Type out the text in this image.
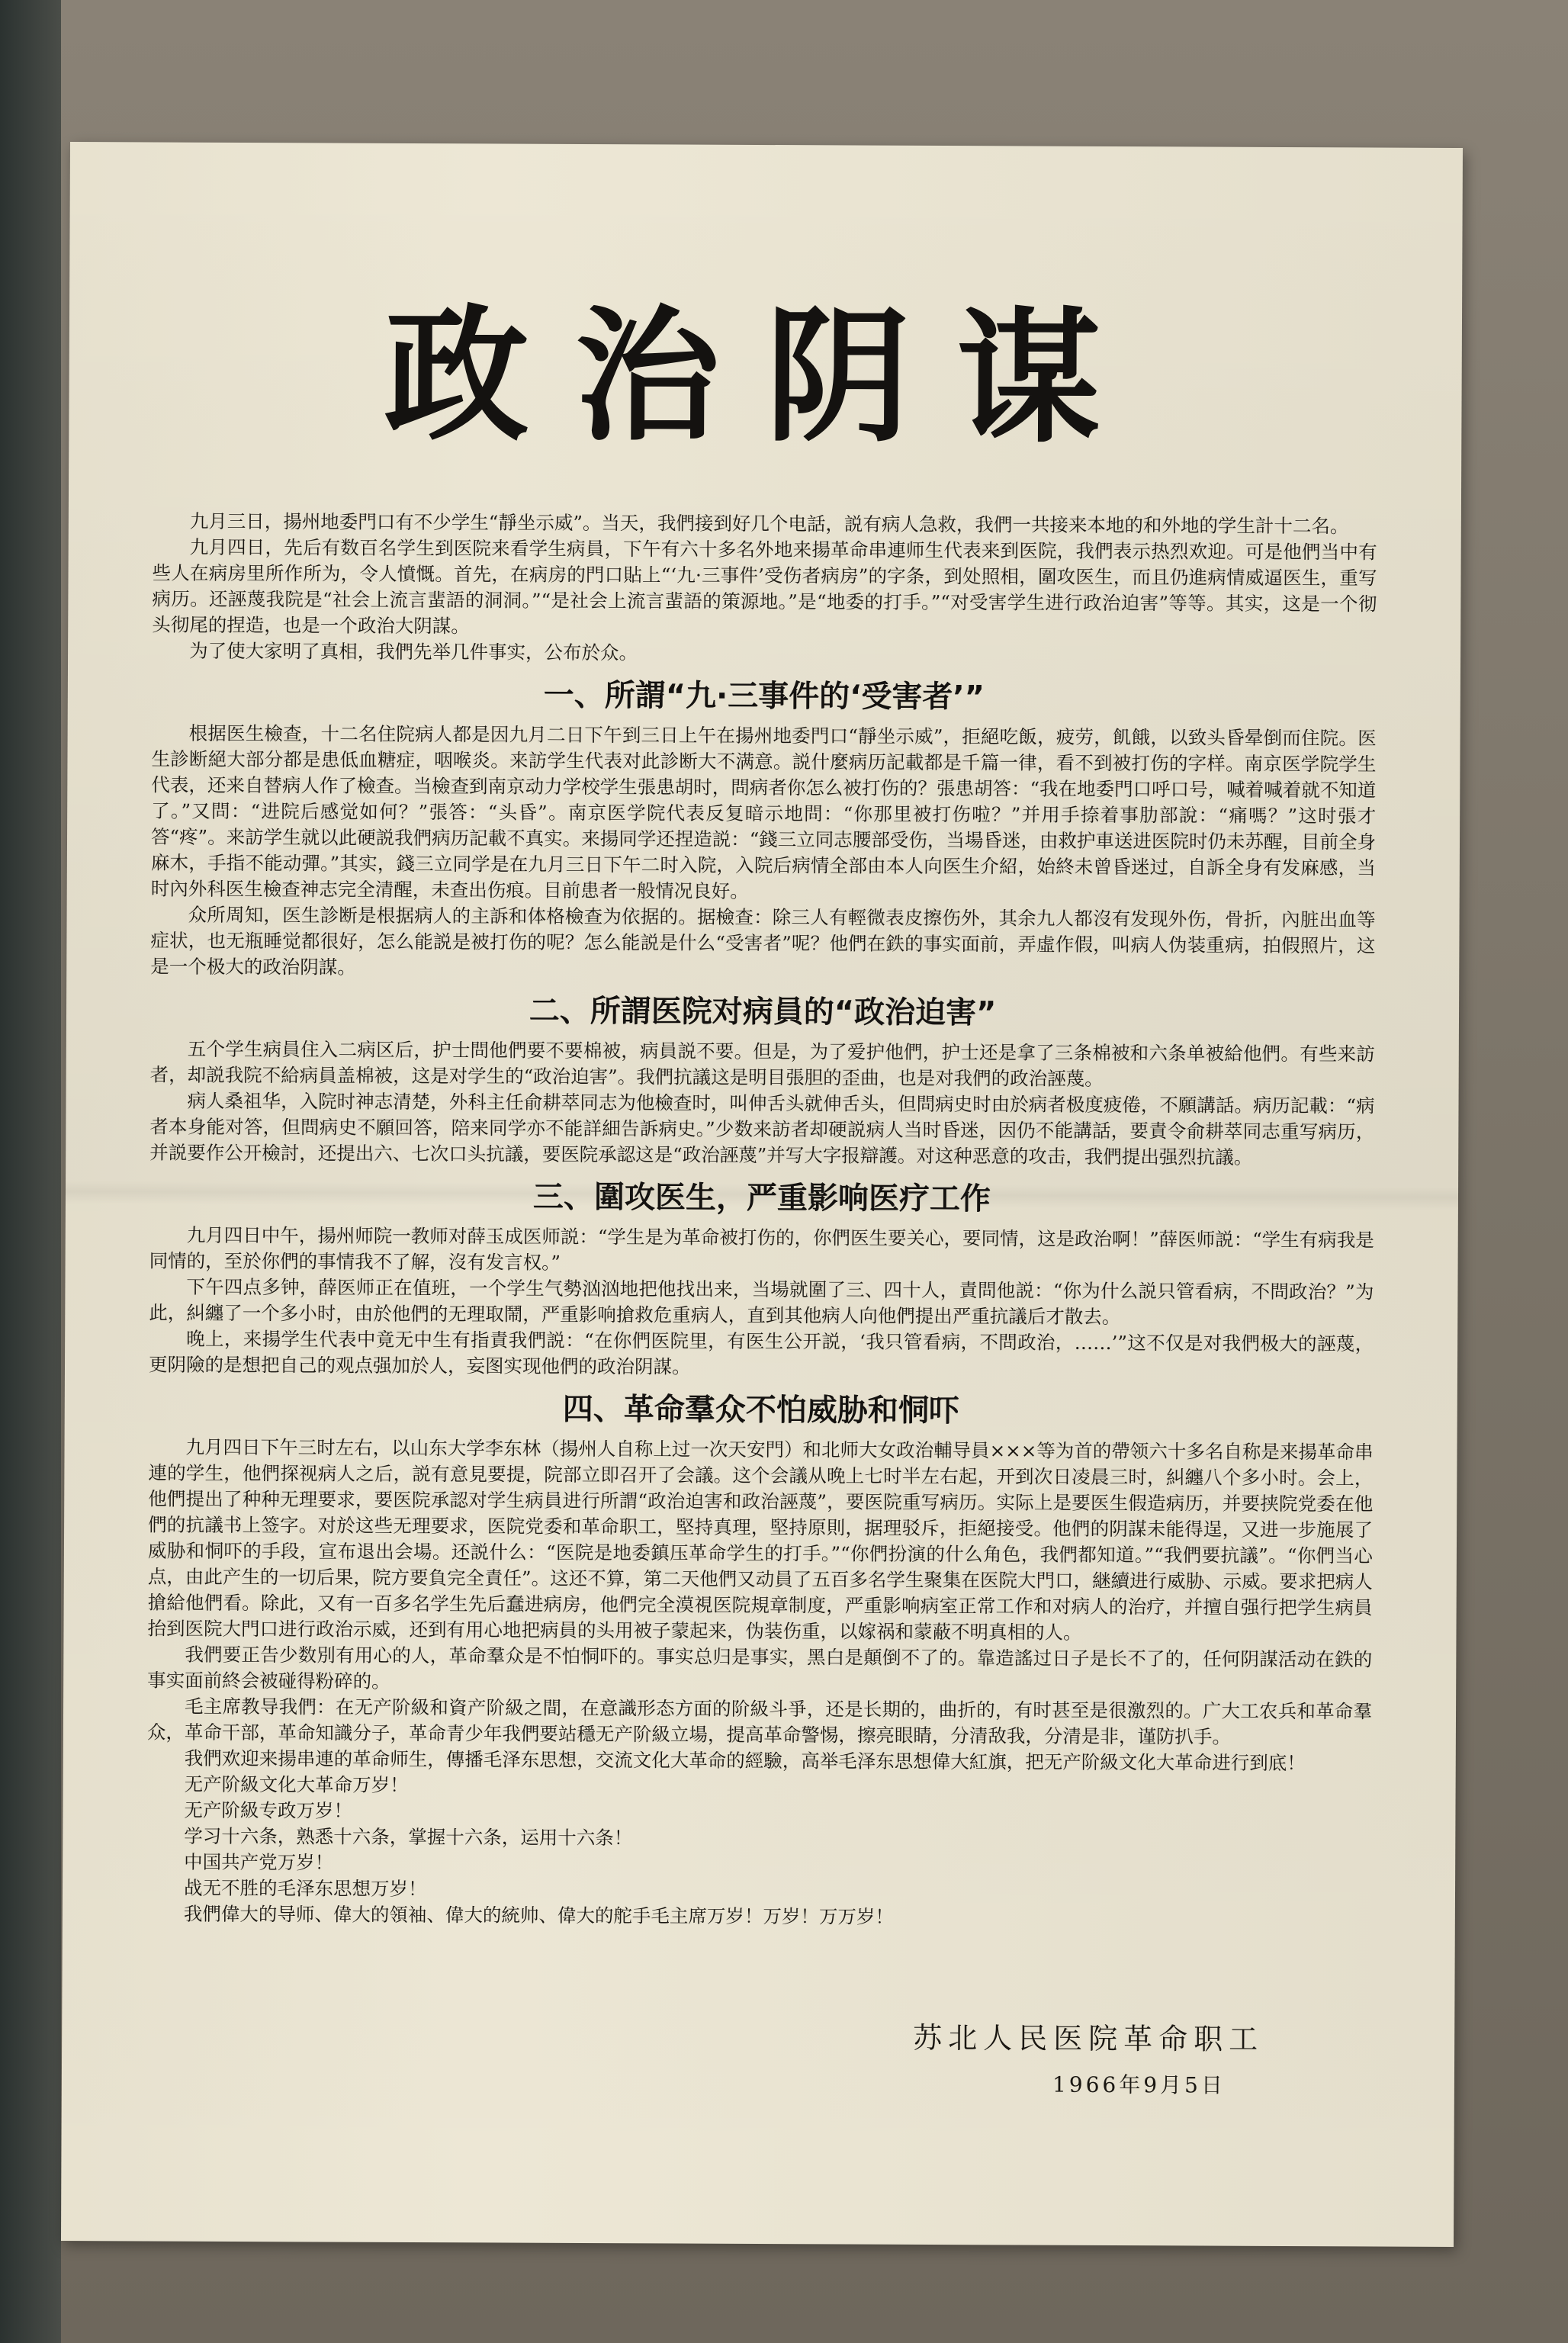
政治阴谋

九月三日，揚州地委門口有不少学生“靜坐示威”。当天，我們接到好几个电話，説有病人急救，我們一共接来本地的和外地的学生計十二名。

九月四日，先后有数百名学生到医院来看学生病員，下午有六十多名外地来揚革命串連师生代表来到医院，我們表示热烈欢迎。可是他們当中有些人在病房里所作所为，令人憤慨。首先，在病房的門口貼上“‘九·三事件’受伤者病房”的字条，到处照相，圍攻医生，而且仍進病情威逼医生，重写病历。还誣蔑我院是“社会上流言蜚語的洞洞。”“是社会上流言蜚語的策源地。”是“地委的打手。”“对受害学生进行政治迫害”等等。其实，这是一个彻头彻尾的捏造，也是一个政治大阴謀。

为了使大家明了真相，我們先举几件事实，公布於众。

一、所謂“九·三事件的‘受害者’”

根据医生檢查，十二名住院病人都是因九月二日下午到三日上午在揚州地委門口“靜坐示威”，拒絕吃飯，疲劳，飢餓，以致头昏晕倒而住院。医生診断絕大部分都是患低血糖症，咽喉炎。来訪学生代表对此診断大不满意。説什麼病历記載都是千篇一律，看不到被打伤的字样。南京医学院学生代表，还来自替病人作了檢查。当檢查到南京动力学校学生張患胡时，問病者你怎么被打伤的？張患胡答：“我在地委門口呼口号，喊着喊着就不知道了。”又問：“进院后感觉如何？”張答：“头昏”。南京医学院代表反复暗示地問：“你那里被打伤啦？”并用手捺着事肋部說：“痛嗎？”这时張才答“疼”。来訪学生就以此硬説我們病历記載不真实。来揚同学还捏造説：“錢三立同志腰部受伤，当場昏迷，由救护車送进医院时仍未苏醒，目前全身麻木，手指不能动彈。”其实，錢三立同学是在九月三日下午二时入院，入院后病情全部由本人向医生介紹，始終未曾昏迷过，自訴全身有发麻感，当时內外科医生檢查神志完全清醒，未查出伤痕。目前患者一般情况良好。

众所周知，医生診断是根据病人的主訴和体格檢查为依据的。据檢查：除三人有輕微表皮擦伤外，其余九人都沒有发现外伤，骨折，內脏出血等症状，也无瓶睡觉都很好，怎么能説是被打伤的呢？怎么能説是什么“受害者”呢？他們在鉄的事实面前，弄虛作假，叫病人伪装重病，拍假照片，这是一个极大的政治阴謀。

二、所謂医院对病員的“政治迫害”

五个学生病員住入二病区后，护士問他們要不要棉被，病員説不要。但是，为了爱护他們，护士还是拿了三条棉被和六条单被給他們。有些来訪者，却説我院不給病員盖棉被，这是对学生的“政治迫害”。我們抗議这是明目張胆的歪曲，也是对我們的政治誣蔑。

病人桑祖华，入院时神志清楚，外科主任俞耕萃同志为他檢查时，叫伸舌头就伸舌头，但問病史时由於病者极度疲倦，不願講話。病历記載：“病者本身能对答，但問病史不願回答，陪来同学亦不能詳細告訴病史。”少数来訪者却硬説病人当时昏迷，因仍不能講話，要責令俞耕萃同志重写病历，并説要作公开檢討，还提出六、七次口头抗議，要医院承認这是“政治誣蔑”并写大字报辯護。对这种恶意的攻击，我們提出强烈抗議。

三、圍攻医生，严重影响医疗工作

九月四日中午，揚州师院一教师对薛玉成医师説：“学生是为革命被打伤的，你們医生要关心，要同情，这是政治啊！”薛医师説：“学生有病我是同情的，至於你們的事情我不了解，沒有发言权。”

下午四点多钟，薛医师正在值班，一个学生气勢汹汹地把他找出来，当場就圍了三、四十人，責問他説：“你为什么説只管看病，不問政治？”为此，糾纏了一个多小时，由於他們的无理取鬧，严重影响搶救危重病人，直到其他病人向他們提出严重抗議后才散去。

晚上，来揚学生代表中竟无中生有指責我們説：“在你們医院里，有医生公开説，‘我只管看病，不問政治，……’”这不仅是对我們极大的誣蔑，更阴險的是想把自己的观点强加於人，妄图实现他們的政治阴謀。

四、革命羣众不怕威胁和恫吓

九月四日下午三时左右，以山东大学李东林（揚州人自称上过一次天安門）和北师大女政治輔导員×××等为首的帶领六十多名自称是来揚革命串連的学生，他們探视病人之后，説有意見要提，院部立即召开了会議。这个会議从晚上七时半左右起，开到次日凌晨三时，糾纏八个多小时。会上，他們提出了种种无理要求，要医院承認对学生病員进行所謂“政治迫害和政治誣蔑”，要医院重写病历。实际上是要医生假造病历，并要挟院党委在他們的抗議书上签字。对於这些无理要求，医院党委和革命职工，堅持真理，堅持原則，据理驳斥，拒絕接受。他們的阴謀未能得逞，又进一步施展了威胁和恫吓的手段，宣布退出会場。还説什么：“医院是地委鎮压革命学生的打手。”“你們扮演的什么角色，我們都知道。”“我們要抗議”。“你們当心点，由此产生的一切后果，院方要負完全責任”。这还不算，第二天他們又动員了五百多名学生聚集在医院大門口，継續进行威胁、示威。要求把病人搶給他們看。除此，又有一百多名学生先后蠢进病房，他們完全漠視医院規章制度，严重影响病室正常工作和对病人的治疗，并擅自强行把学生病員抬到医院大門口进行政治示威，还到有用心地把病員的头用被子蒙起来，伪装伤重，以嫁祸和蒙蔽不明真相的人。

我們要正告少数別有用心的人，革命羣众是不怕恫吓的。事实总归是事实，黑白是顛倒不了的。靠造謠过日子是长不了的，任何阴謀活动在鉄的事实面前終会被碰得粉碎的。

毛主席教导我們：在无产阶級和資产阶級之間，在意識形态方面的阶級斗爭，还是长期的，曲折的，有时甚至是很激烈的。广大工农兵和革命羣众，革命干部，革命知識分子，革命青少年我們要站穩无产阶級立場，提高革命警惕，擦亮眼睛，分清敌我，分清是非，谨防扒手。

我們欢迎来揚串連的革命师生，傳播毛泽东思想，交流文化大革命的經驗，高举毛泽东思想偉大紅旗，把无产阶級文化大革命进行到底！

无产阶級文化大革命万岁！

无产阶級专政万岁！

学习十六条，熟悉十六条，掌握十六条，运用十六条！

中国共产党万岁！

战无不胜的毛泽东思想万岁！

我們偉大的导师、偉大的領袖、偉大的統帅、偉大的舵手毛主席万岁！万岁！万万岁！

苏北人民医院革命职工

1966年9月5日
